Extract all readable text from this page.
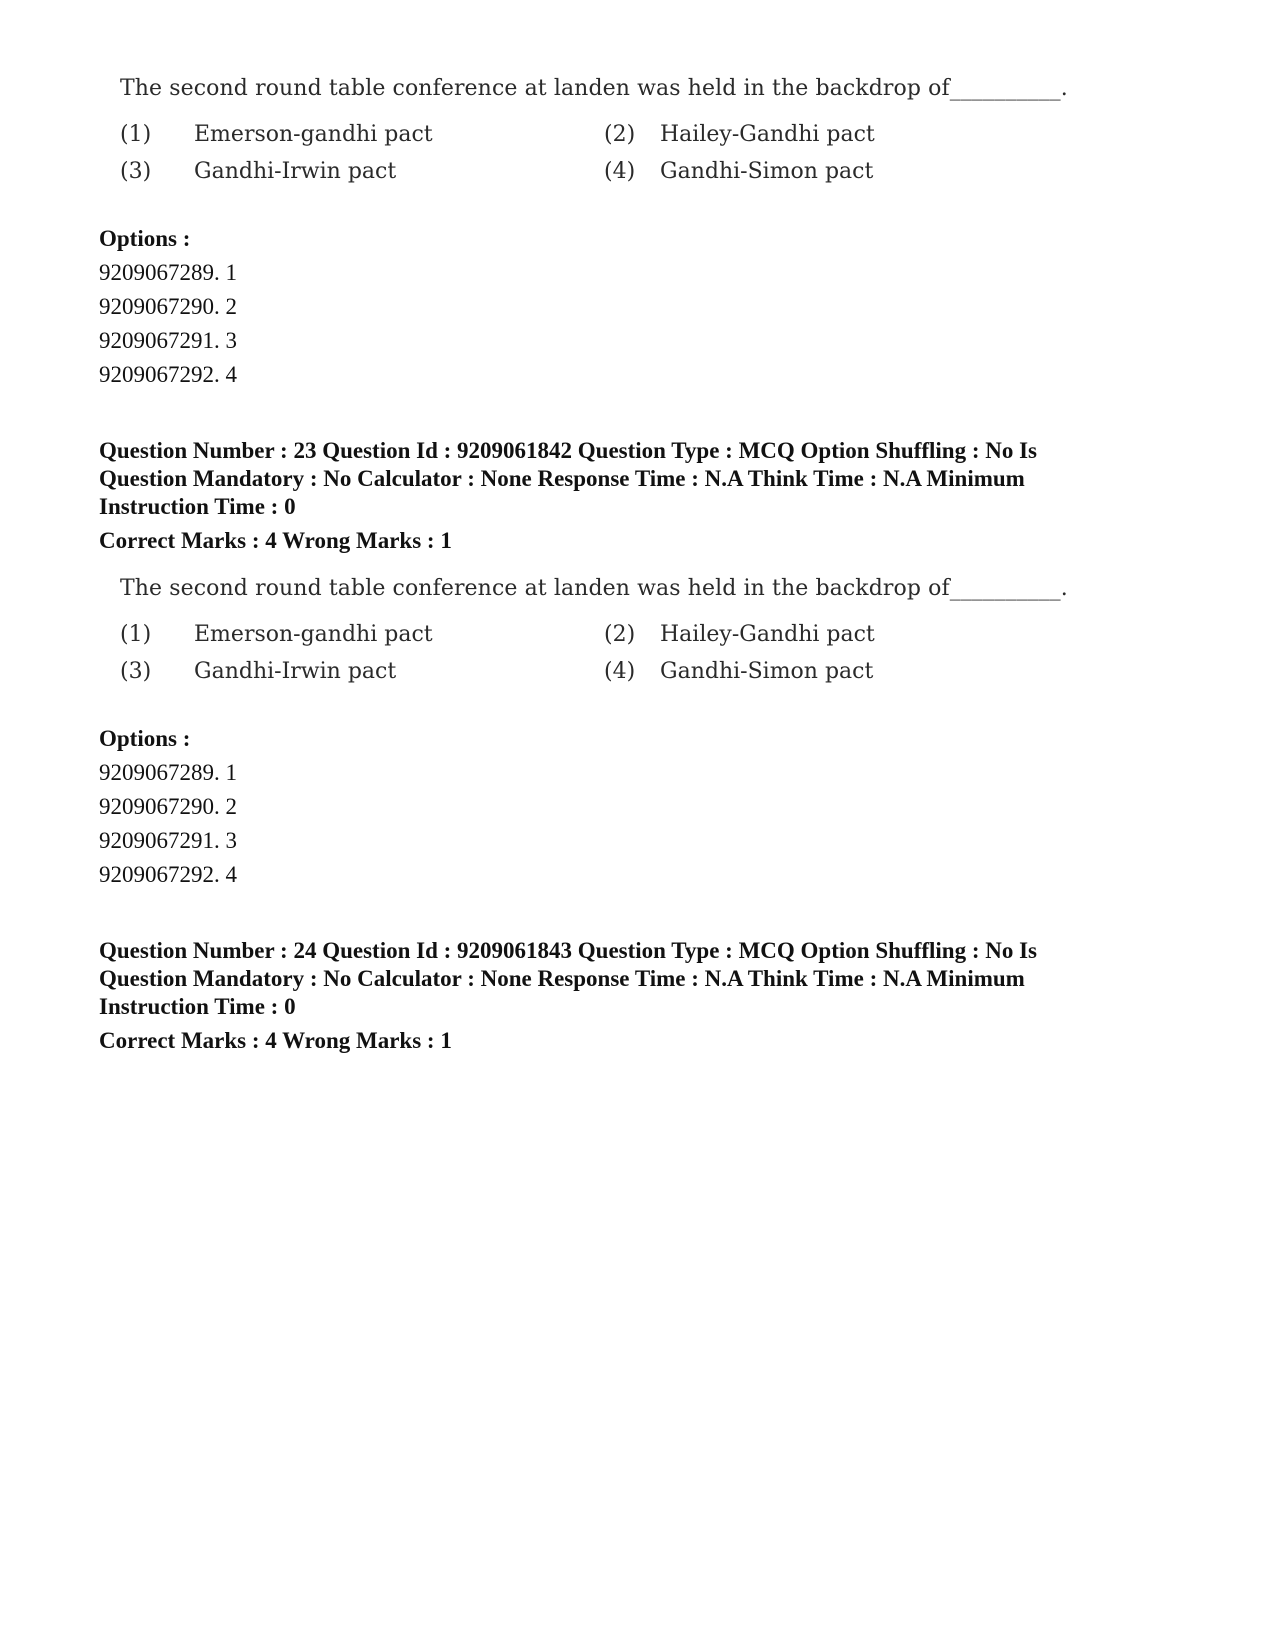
The second round table conference at landen was held in the backdrop of__________.
(1) Emerson-gandhi pact	(2) Hailey-Gandhi pact
(3) Gandhi-Irwin pact	(4) Gandhi-Simon pact
Options :
9209067289. 1
9209067290. 2
9209067291. 3
9209067292. 4
Question Number : 23 Question Id : 9209061842 Question Type : MCQ Option Shuffling : No Is
Question Mandatory : No Calculator : None Response Time : N.A Think Time : N.A Minimum
Instruction Time : 0
Correct Marks : 4 Wrong Marks : 1
The second round table conference at landen was held in the backdrop of__________.
(1) Emerson-gandhi pact	(2) Hailey-Gandhi pact
(3) Gandhi-Irwin pact	(4) Gandhi-Simon pact
Options :
9209067289. 1
9209067290. 2
9209067291. 3
9209067292. 4
Question Number : 24 Question Id : 9209061843 Question Type : MCQ Option Shuffling : No Is
Question Mandatory : No Calculator : None Response Time : N.A Think Time : N.A Minimum
Instruction Time : 0
Correct Marks : 4 Wrong Marks : 1
